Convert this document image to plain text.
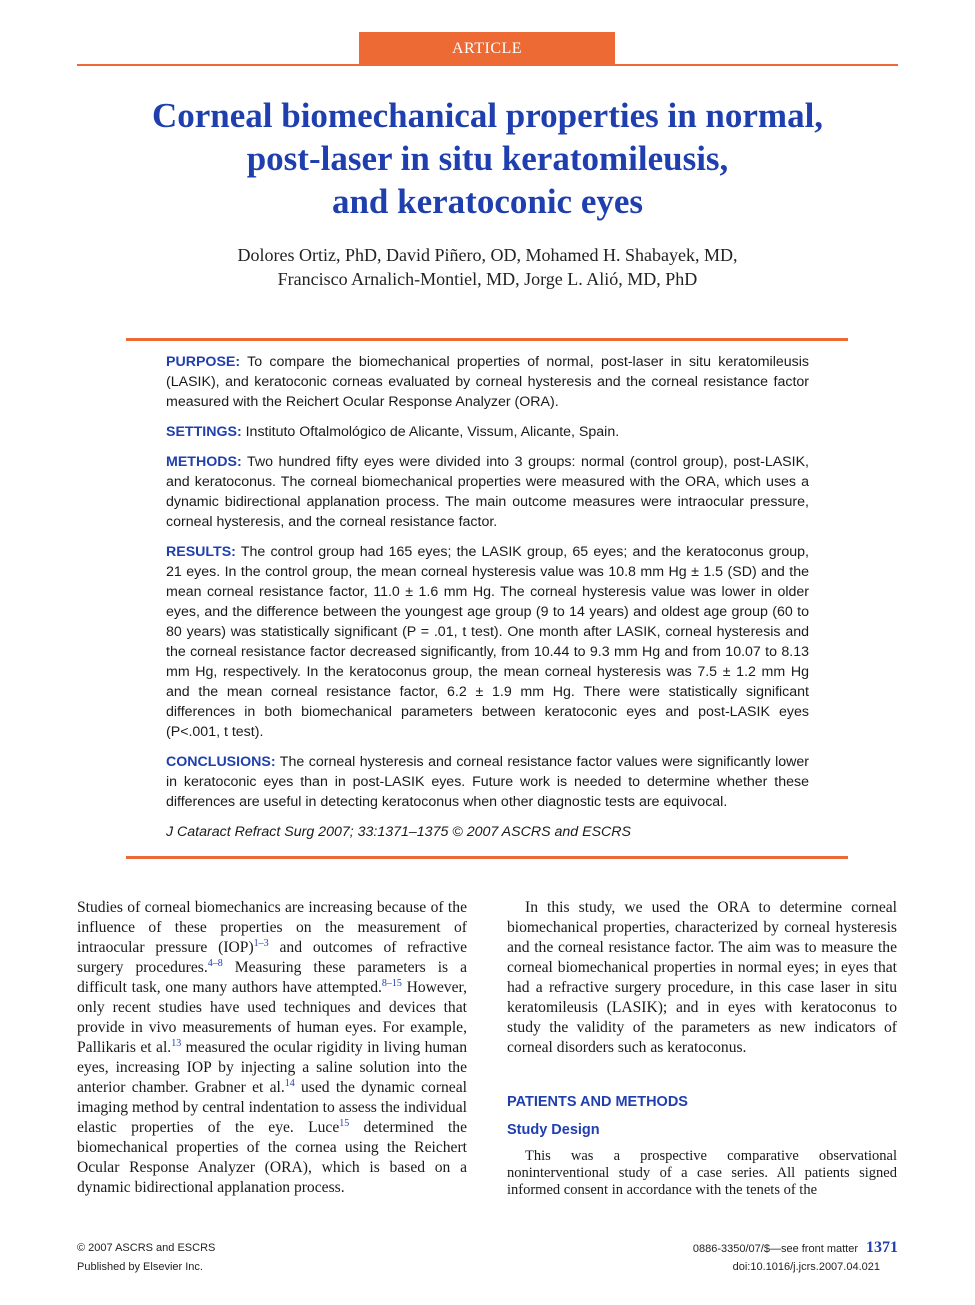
ARTICLE
Corneal biomechanical properties in normal,
post-laser in situ keratomileusis,
and keratoconic eyes
Dolores Ortiz, PhD, David Piñero, OD, Mohamed H. Shabayek, MD,
Francisco Arnalich-Montiel, MD, Jorge L. Alió, MD, PhD

PURPOSE: To compare the biomechanical properties of normal, post-laser in situ keratomileusis (LASIK), and keratoconic corneas evaluated by corneal hysteresis and the corneal resistance factor measured with the Reichert Ocular Response Analyzer (ORA).

SETTINGS: Instituto Oftalmológico de Alicante, Vissum, Alicante, Spain.

METHODS: Two hundred fifty eyes were divided into 3 groups: normal (control group), post-LASIK, and keratoconus. The corneal biomechanical properties were measured with the ORA, which uses a dynamic bidirectional applanation process. The main outcome measures were intraocular pressure, corneal hysteresis, and the corneal resistance factor.

RESULTS: The control group had 165 eyes; the LASIK group, 65 eyes; and the keratoconus group, 21 eyes. In the control group, the mean corneal hysteresis value was 10.8 mm Hg ± 1.5 (SD) and the mean corneal resistance factor, 11.0 ± 1.6 mm Hg. The corneal hysteresis value was lower in older eyes, and the difference between the youngest age group (9 to 14 years) and oldest age group (60 to 80 years) was statistically significant (P = .01, t test). One month after LASIK, corneal hysteresis and the corneal resistance factor decreased significantly, from 10.44 to 9.3 mm Hg and from 10.07 to 8.13 mm Hg, respectively. In the keratoconus group, the mean corneal hysteresis was 7.5 ± 1.2 mm Hg and the mean corneal resistance factor, 6.2 ± 1.9 mm Hg. There were statistically significant differences in both biomechanical parameters between keratoconic eyes and post-LASIK eyes (P<.001, t test).

CONCLUSIONS: The corneal hysteresis and corneal resistance factor values were significantly lower in keratoconic eyes than in post-LASIK eyes. Future work is needed to determine whether these differences are useful in detecting keratoconus when other diagnostic tests are equivocal.

J Cataract Refract Surg 2007; 33:1371–1375 © 2007 ASCRS and ESCRS

Studies of corneal biomechanics are increasing because of the influence of these properties on the measurement of intraocular pressure (IOP)$^{1-3}$ and outcomes of refractive surgery procedures.$^{4-8}$ Measuring these parameters is a difficult task, one many authors have attempted.$^{8-15}$ However, only recent studies have used techniques and devices that provide in vivo measurements of human eyes. For example, Pallikaris et al.$^{13}$ measured the ocular rigidity in living human eyes, increasing IOP by injecting a saline solution into the anterior chamber. Grabner et al.$^{14}$ used the dynamic corneal imaging method by central indentation to assess the individual elastic properties of the eye. Luce$^{15}$ determined the biomechanical properties of the cornea using the Reichert Ocular Response Analyzer (ORA), which is based on a dynamic bidirectional applanation process.

In this study, we used the ORA to determine corneal biomechanical properties, characterized by corneal hysteresis and the corneal resistance factor. The aim was to measure the corneal biomechanical properties in normal eyes; in eyes that had a refractive surgery procedure, in this case laser in situ keratomileusis (LASIK); and in eyes with keratoconus to study the validity of the parameters as new indicators of corneal disorders such as keratoconus.

PATIENTS AND METHODS
Study Design

This was a prospective comparative observational noninterventional study of a case series. All patients signed informed consent in accordance with the tenets of the

© 2007 ASCRS and ESCRS
Published by Elsevier Inc.
0886-3350/07/$—see front matter 1371
doi:10.1016/j.jcrs.2007.04.021
